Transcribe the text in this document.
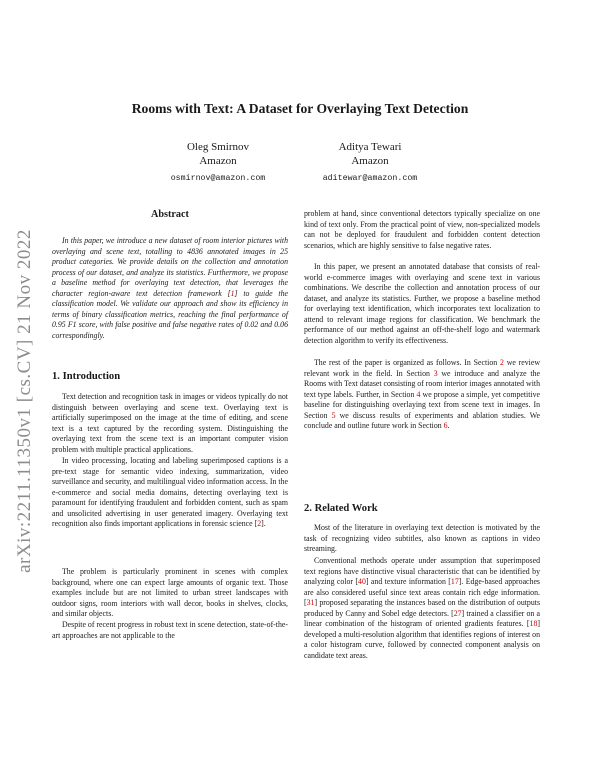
arXiv:2211.11350v1 [cs.CV] 21 Nov 2022
Rooms with Text: A Dataset for Overlaying Text Detection
Oleg Smirnov
Amazon
osmirnov@amazon.com
Aditya Tewari
Amazon
aditewar@amazon.com
Abstract

In this paper, we introduce a new dataset of room interior pictures with overlaying and scene text, totalling to 4836 annotated images in 25 product categories. We provide details on the collection and annotation process of our dataset, and analyze its statistics. Furthermore, we propose a baseline method for overlaying text detection, that leverages the character region-aware text detection framework [1] to guide the classification model. We validate our approach and show its efficiency in terms of binary classification metrics, reaching the final performance of 0.95 F1 score, with false positive and false negative rates of 0.02 and 0.06 correspondingly.

1. Introduction

Text detection and recognition task in images or videos typically do not distinguish between overlaying and scene text. Overlaying text is artificially superimposed on the image at the time of editing, and scene text is a text captured by the recording system. Distinguishing the overlaying text from the scene text is an important computer vision problem with multiple practical applications.

In video processing, locating and labeling superimposed captions is a pre-text stage for semantic video indexing, summarization, video surveillance and security, and multilingual video information access. In the e-commerce and social media domains, detecting overlaying text is paramount for identifying fraudulent and forbidden content, such as spam and unsolicited advertising in user generated imagery. Overlaying text recognition also finds important applications in forensic science [2].

The problem is particularly prominent in scenes with complex background, where one can expect large amounts of organic text. Those examples include but are not limited to urban street landscapes with outdoor signs, room interiors with wall decor, books in shelves, clocks, and similar objects.

Despite of recent progress in robust text in scene detection, state-of-the-art approaches are not applicable to the

problem at hand, since conventional detectors typically specialize on one kind of text only. From the practical point of view, non-specialized models can not be deployed for fraudulent and forbidden content detection scenarios, which are highly sensitive to false negative rates.

In this paper, we present an annotated database that consists of real-world e-commerce images with overlaying and scene text in various combinations. We describe the collection and annotation process of our dataset, and analyze its statistics. Further, we propose a baseline method for overlaying text identification, which incorporates text localization to attend to relevant image regions for classification. We benchmark the performance of our method against an off-the-shelf logo and watermark detection algorithm to verify its effectiveness.

The rest of the paper is organized as follows. In Section 2 we review relevant work in the field. In Section 3 we introduce and analyze the Rooms with Text dataset consisting of room interior images annotated with text type labels. Further, in Section 4 we propose a simple, yet competitive baseline for distinguishing overlaying text from scene text in images. In Section 5 we discuss results of experiments and ablation studies. We conclude and outline future work in Section 6.

2. Related Work

Most of the literature in overlaying text detection is motivated by the task of recognizing video subtitles, also known as captions in video streaming.

Conventional methods operate under assumption that superimposed text regions have distinctive visual characteristic that can be identified by analyzing color [40] and texture information [17]. Edge-based approaches are also considered useful since text areas contain rich edge information. [31] proposed separating the instances based on the distribution of outputs produced by Canny and Sobel edge detectors. [27] trained a classifier on a linear combination of the histogram of oriented gradients features. [18] developed a multi-resolution algorithm that identifies regions of interest on a color histogram curve, followed by connected component analysis on candidate text areas.
